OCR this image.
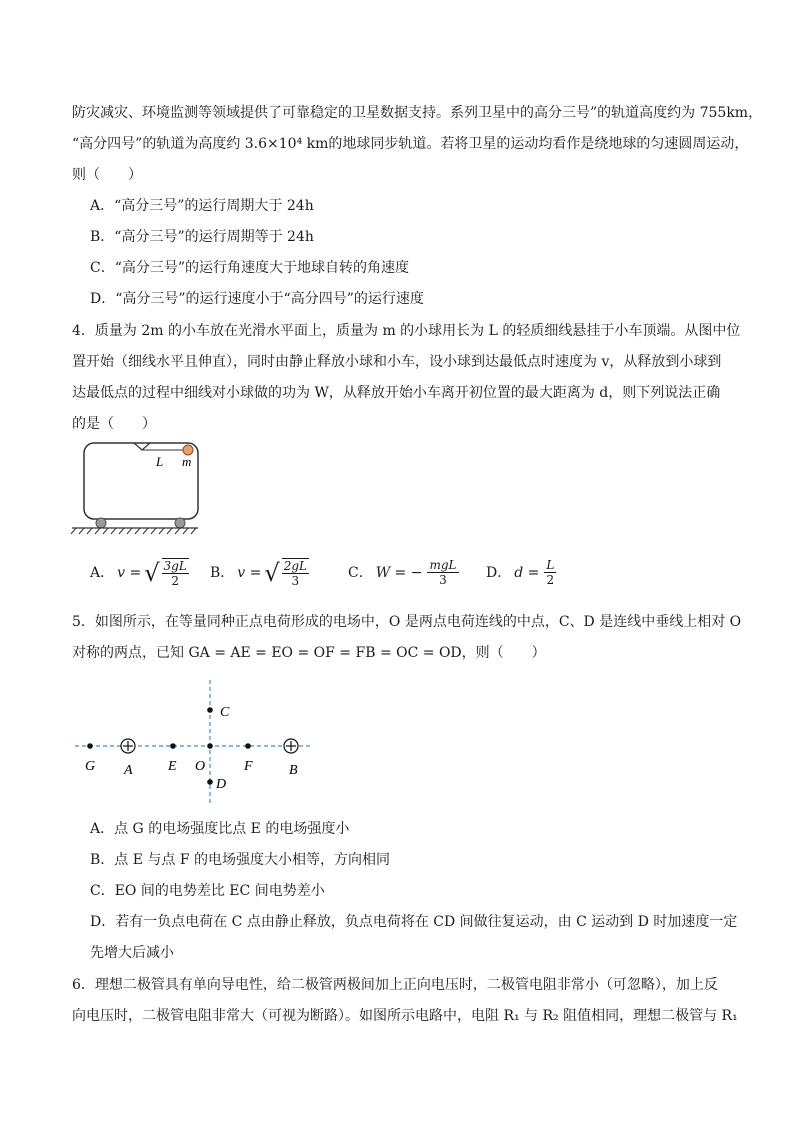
防灾减灾、环境监测等领域提供了可靠稳定的卫星数据支持。系列卫星中的高分三号”的轨道高度约为 755km，
“高分四号”的轨道为高度约 3.6×10⁴ km的地球同步轨道。若将卫星的运动均看作是绕地球的匀速圆周运动，
则（　　）
A．“高分三号”的运行周期大于 24h
B．“高分三号”的运行周期等于 24h
C．“高分三号”的运行角速度大于地球自转的角速度
D．“高分三号”的运行速度小于“高分四号”的运行速度
4．质量为 2m 的小车放在光滑水平面上，质量为 m 的小球用长为 L 的轻质细线悬挂于小车顶端。从图中位
置开始（细线水平且伸直），同时由静止释放小球和小车，设小球到达最低点时速度为 v，从释放到小球到
达最低点的过程中细线对小球做的功为 W，从释放开始小车离开初位置的最大距离为 d，则下列说法正确
的是（　　）
L m
A． v = √ $\frac{3gL}{2}$ B． v = √ $\frac{2gL}{3}$	C． W = − $\frac{\text{mgL}}{3}$ D． $d = \frac{L}{2}$
5．如图所示，在等量同种正点电荷形成的电场中，O 是两点电荷连线的中点，C、D 是连线中垂线上相对 O
对称的两点，已知 GA = AE = EO = OF = FB = OC = OD，则（　　）
G A	E O	F	B
C
D
A．点 G 的电场强度比点 E 的电场强度小
B．点 E 与点 F 的电场强度大小相等，方向相同
C．EO 间的电势差比 EC 间电势差小
D．若有一负点电荷在 C 点由静止释放，负点电荷将在 CD 间做往复运动，由 C 运动到 D 时加速度一定
先增大后减小
6．理想二极管具有单向导电性，给二极管两极间加上正向电压时，二极管电阻非常小（可忽略），加上反
向电压时，二极管电阻非常大（可视为断路）。如图所示电路中，电阻 R₁ 与 R₂ 阻值相同，理想二极管与 R₁
